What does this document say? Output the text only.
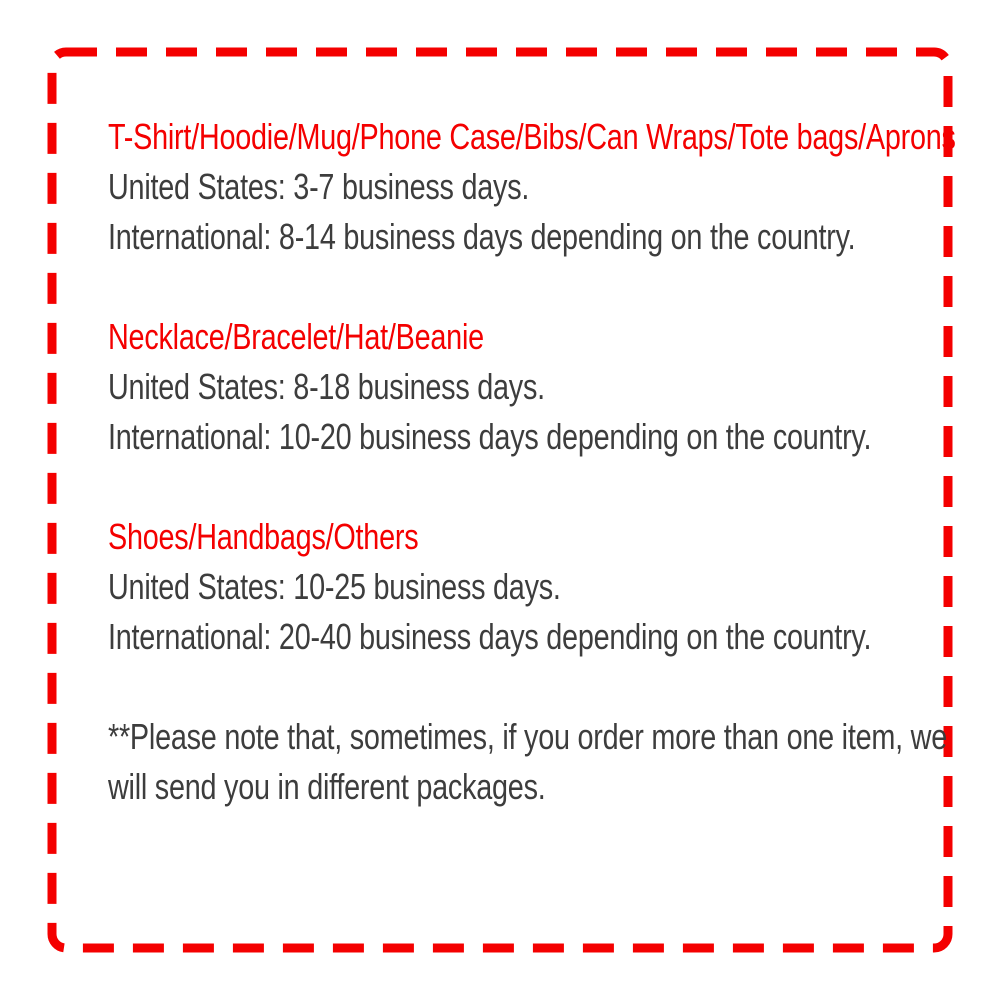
T-Shirt/Hoodie/Mug/Phone Case/Bibs/Can Wraps/Tote bags/Aprons

United States: 3-7 business days.

International: 8-14 business days depending on the country.

Necklace/Bracelet/Hat/Beanie

United States: 8-18 business days.

International: 10-20 business days depending on the country.

Shoes/Handbags/Others

United States: 10-25 business days.

International: 20-40 business days depending on the country.

**Please note that, sometimes, if you order more than one item, we

will send you in different packages.
